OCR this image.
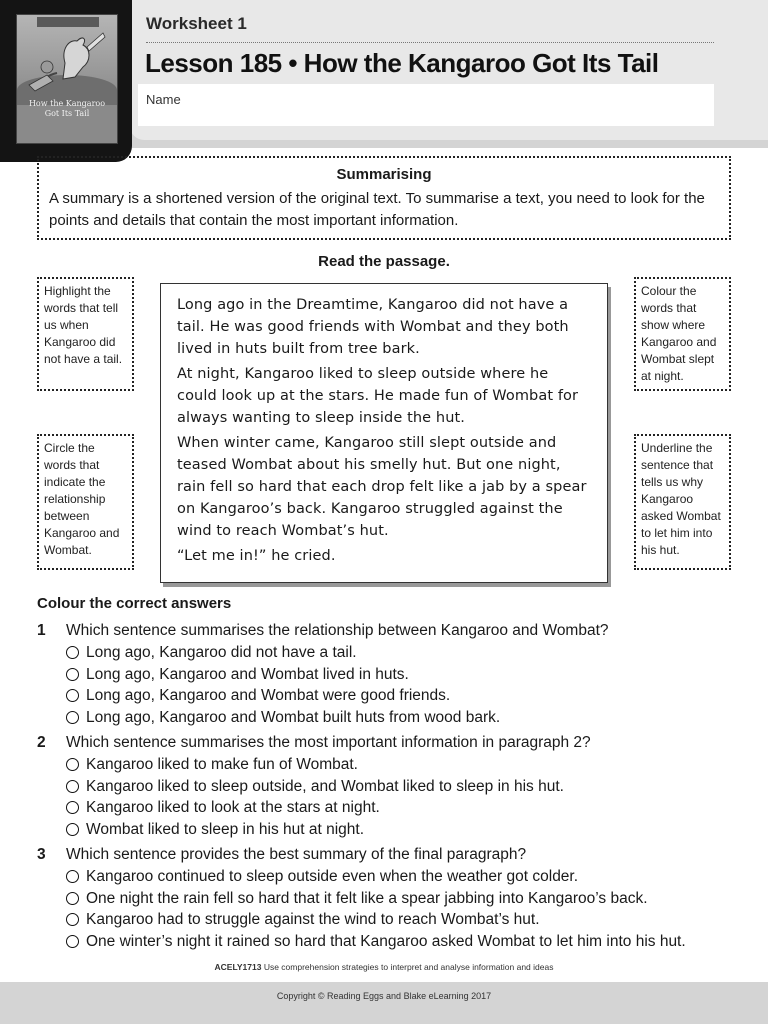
How the Kangaroo
Got Its Tail
Worksheet 1
Lesson 185 • How the Kangaroo Got Its Tail
Name
Summarising
A summary is a shortened version of the original text. To summarise a text, you need to look for the points and details that contain the most important information.
Read the passage.
Highlight the words that tell us when Kangaroo did not have a tail.
Circle the words that indicate the relationship between Kangaroo and Wombat.
Colour the words that show where Kangaroo and Wombat slept at night.
Underline the sentence that tells us why Kangaroo asked Wombat to let him into his hut.

Long ago in the Dreamtime, Kangaroo did not have a tail. He was good friends with Wombat and they both lived in huts built from tree bark.

At night, Kangaroo liked to sleep outside where he could look up at the stars. He made fun of Wombat for always wanting to sleep inside the hut.

When winter came, Kangaroo still slept outside and teased Wombat about his smelly hut. But one night, rain fell so hard that each drop felt like a jab by a spear on Kangaroo’s back. Kangaroo struggled against the wind to reach Wombat’s hut.

“Let me in!” he cried.

Colour the correct answers
1	Which sentence summarises the relationship between Kangaroo and Wombat?
Long ago, Kangaroo did not have a tail.
Long ago, Kangaroo and Wombat lived in huts.
Long ago, Kangaroo and Wombat were good friends.
Long ago, Kangaroo and Wombat built huts from wood bark.
2	Which sentence summarises the most important information in paragraph 2?
Kangaroo liked to make fun of Wombat.
Kangaroo liked to sleep outside, and Wombat liked to sleep in his hut.
Kangaroo liked to look at the stars at night.
Wombat liked to sleep in his hut at night.
3	Which sentence provides the best summary of the final paragraph?
Kangaroo continued to sleep outside even when the weather got colder.
One night the rain fell so hard that it felt like a spear jabbing into Kangaroo’s back.
Kangaroo had to struggle against the wind to reach Wombat’s hut.
One winter’s night it rained so hard that Kangaroo asked Wombat to let him into his hut.
ACELY1713 Use comprehension strategies to interpret and analyse information and ideas
Copyright © Reading Eggs and Blake eLearning 2017
